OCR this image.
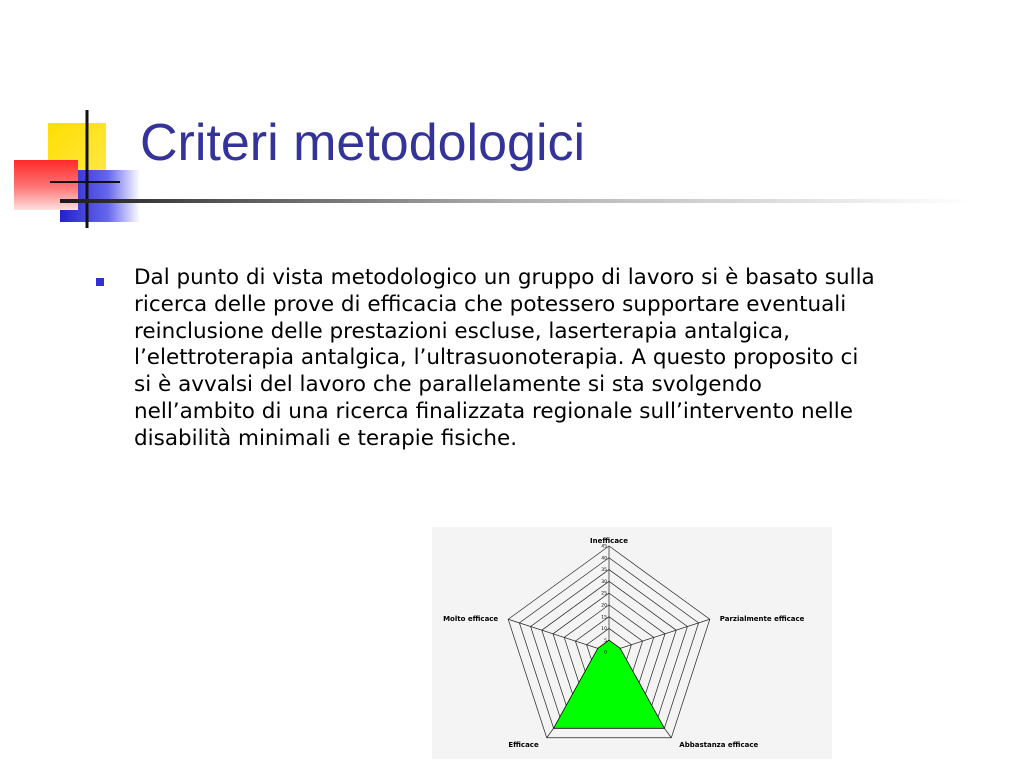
Criteri metodologici
Dal punto di vista metodologico un gruppo di lavoro si è basato sulla ricerca delle prove di efficacia che potessero supportare eventuali reinclusione delle prestazioni escluse, laserterapia antalgica, l’elettroterapia antalgica, l’ultrasuonoterapia. A questo proposito ci si è avvalsi del lavoro che parallelamente si sta svolgendo nell’ambito di una ricerca finalizzata regionale sull’intervento nelle disabilità minimali e terapie fisiche.
45
40
35
30
25
20
15
10
5
0
Inefficace
Parzialmente efficace
Abbastanza efficace
Efficace
Molto efficace
